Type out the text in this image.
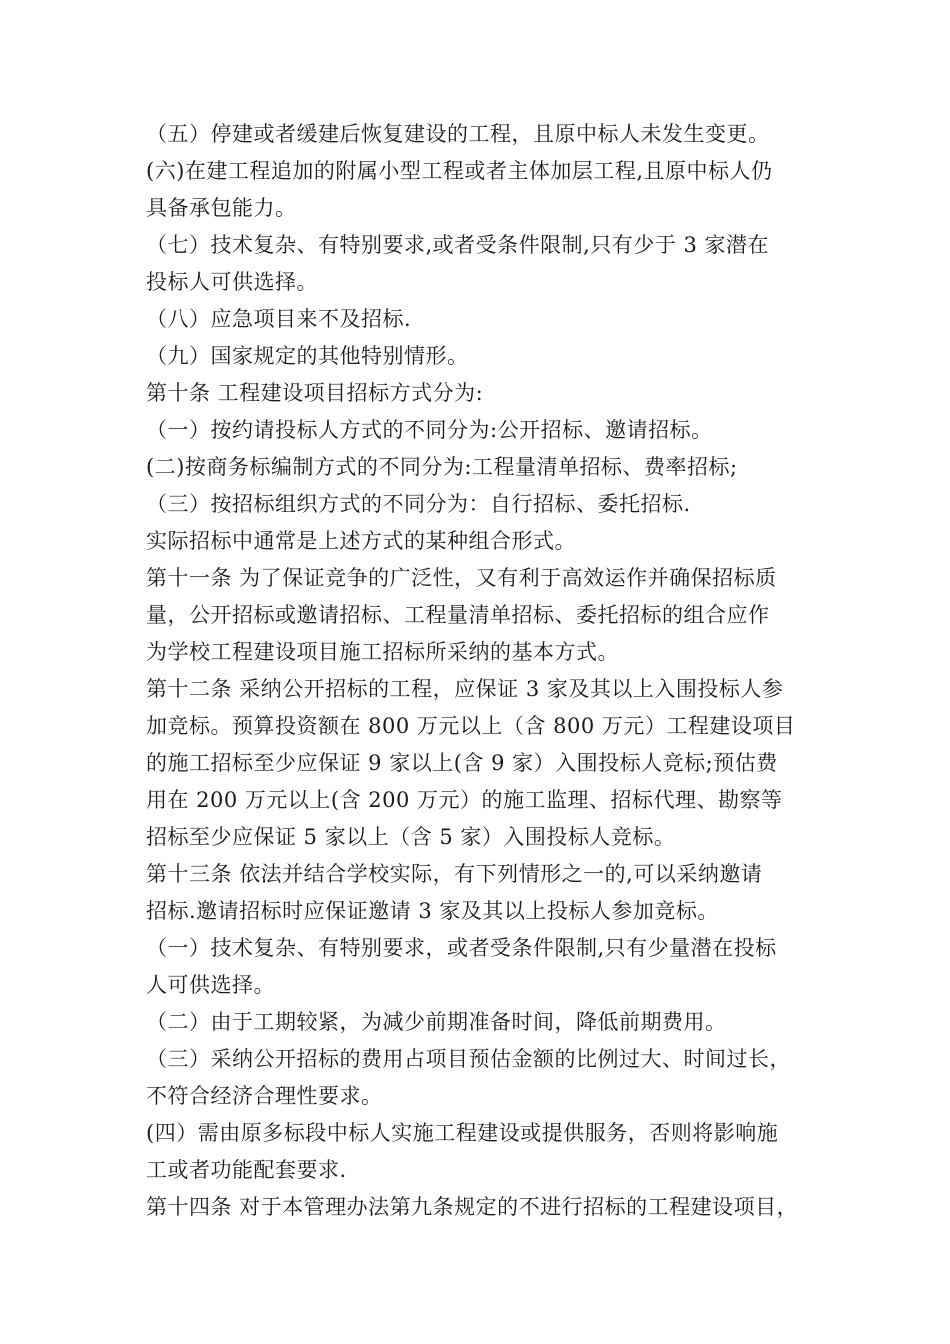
（五）停建或者缓建后恢复建设的工程，且原中标人未发生变更。
(六)在建工程追加的附属小型工程或者主体加层工程,且原中标人仍
具备承包能力。
（七）技术复杂、有特别要求,或者受条件限制,只有少于 3 家潜在
投标人可供选择。
（八）应急项目来不及招标.
（九）国家规定的其他特别情形。
第十条 工程建设项目招标方式分为:
（一）按约请投标人方式的不同分为:公开招标、邀请招标。
(二)按商务标编制方式的不同分为:工程量清单招标、费率招标;
（三）按招标组织方式的不同分为：自行招标、委托招标.
实际招标中通常是上述方式的某种组合形式。
第十一条 为了保证竞争的广泛性，又有利于高效运作并确保招标质
量，公开招标或邀请招标、工程量清单招标、委托招标的组合应作
为学校工程建设项目施工招标所采纳的基本方式。
第十二条 采纳公开招标的工程，应保证 3 家及其以上入围投标人参
加竞标。预算投资额在 800 万元以上（含 800 万元）工程建设项目
的施工招标至少应保证 9 家以上(含 9 家）入围投标人竞标;预估费
用在 200 万元以上(含 200 万元）的施工监理、招标代理、勘察等
招标至少应保证 5 家以上（含 5 家）入围投标人竞标。
第十三条 依法并结合学校实际，有下列情形之一的,可以采纳邀请
招标.邀请招标时应保证邀请 3 家及其以上投标人参加竞标。
（一）技术复杂、有特别要求，或者受条件限制,只有少量潜在投标
人可供选择。
（二）由于工期较紧，为减少前期准备时间，降低前期费用。
（三）采纳公开招标的费用占项目预估金额的比例过大、时间过长，
不符合经济合理性要求。
(四）需由原多标段中标人实施工程建设或提供服务，否则将影响施
工或者功能配套要求.
第十四条 对于本管理办法第九条规定的不进行招标的工程建设项目，
